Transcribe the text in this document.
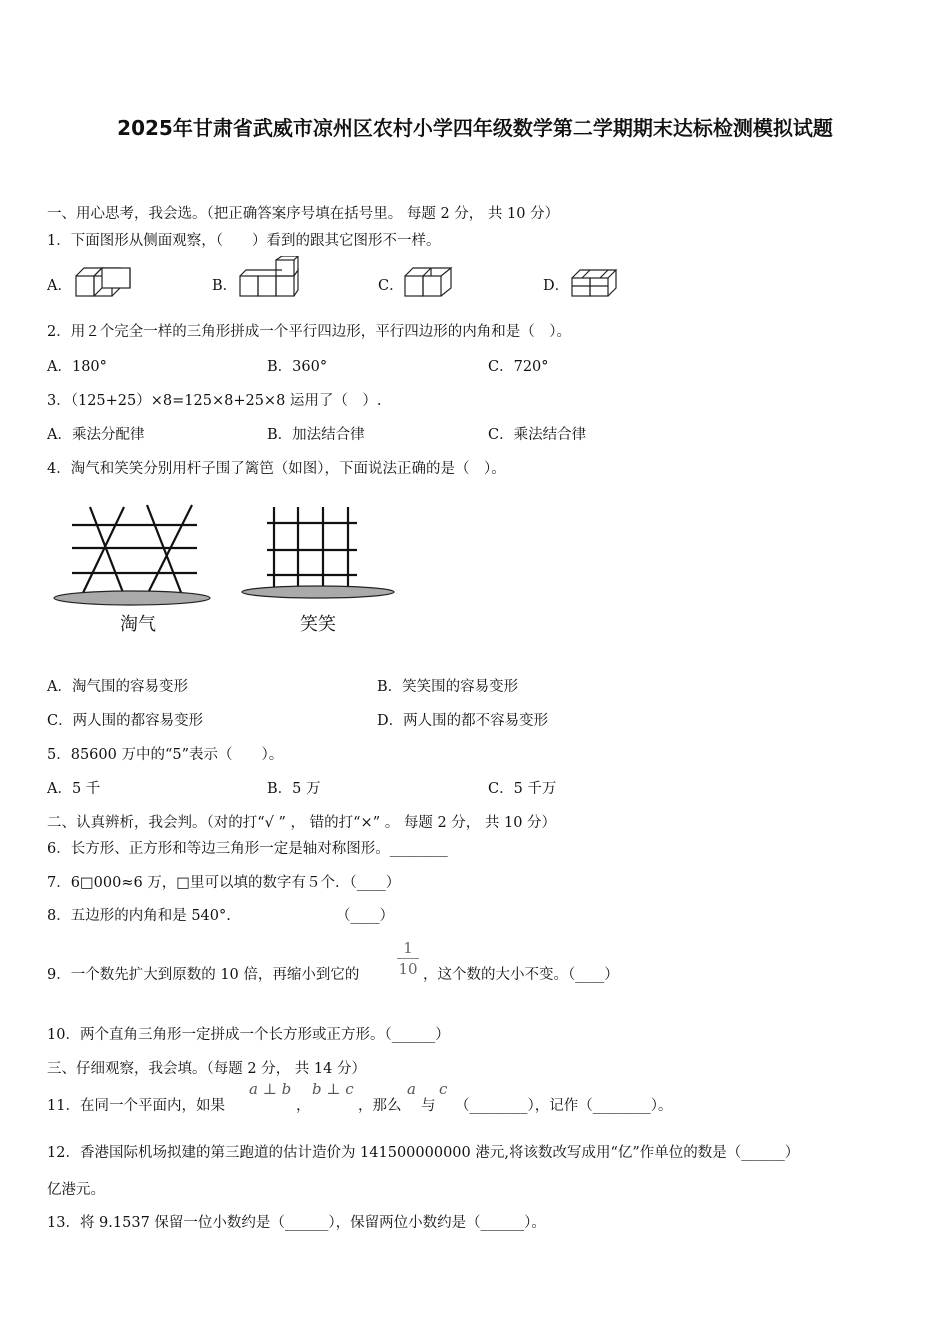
2025年甘肃省武威市凉州区农村小学四年级数学第二学期期末达标检测模拟试题
一、用心思考，我会选。（把正确答案序号填在括号里。 每题 2 分， 共 10 分）
1．下面图形从侧面观察，（　　）看到的跟其它图形不一样。
A．	B．	C．	D．
2．用２个完全一样的三角形拼成一个平行四边形，平行四边形的内角和是（　）。
A．180°	B．360°	C．720°
3．（125+25）×8=125×8+25×8 运用了（　）.
A．乘法分配律	B．加法结合律	C．乘法结合律
4．淘气和笑笑分别用杆子围了篱笆（如图），下面说法正确的是（　）。
淘气	笑笑
A．淘气围的容易变形	B．笑笑围的容易变形
C．两人围的都容易变形	D．两人围的都不容易变形
5．85600 万中的“5”表示（　　）。
A．5 千	B．5 万	C．5 千万
二、认真辨析，我会判。（对的打“√ ” ， 错的打“×” 。 每题 2 分， 共 10 分）
6．长方形、正方形和等边三角形一定是轴对称图形。________
7．6□000≈6 万，□里可以填的数字有５个．（____）
8．五边形的内角和是 540°.	（____）
9．一个数先扩大到原数的 10 倍，再缩小到它的
1
10 ，这个数的大小不变。（____）
10．两个直角三角形一定拼成一个长方形或正方形。（______）
三、仔细观察，我会填。（每题 2 分， 共 14 分）
11．在同一个平面内，如果
a ⊥ b
，
b ⊥ c
，那么
a
与
c
（________），记作（________）。
12．香港国际机场拟建的第三跑道的估计造价为 141500000000 港元,将该数改写成用“亿”作单位的数是（______）
亿港元。
13．将 9.1537 保留一位小数约是（______），保留两位小数约是（______）。
